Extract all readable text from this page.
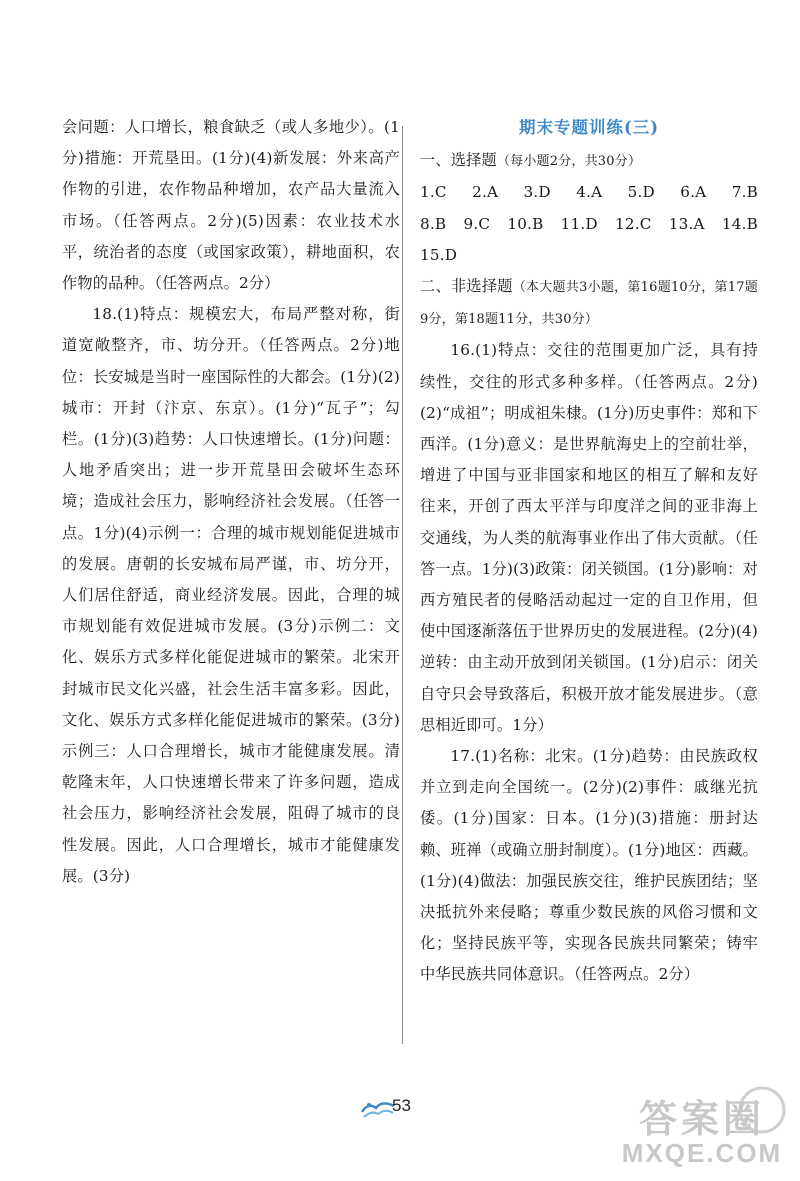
会问题：人口增长，粮食缺乏（或人多地少）。(1分)措施：开荒垦田。(1分)(4)新发展：外来高产作物的引进，农作物品种增加，农产品大量流入市场。（任答两点。2分)(5)因素：农业技术水平，统治者的态度（或国家政策），耕地面积，农作物的品种。（任答两点。2分）

18.(1)特点：规模宏大，布局严整对称，街道宽敞整齐，市、坊分开。（任答两点。2分)地位：长安城是当时一座国际性的大都会。(1分)(2)城市：开封（汴京、东京）。(1分)“瓦子”；勾栏。(1分)(3)趋势：人口快速增长。(1分)问题：人地矛盾突出；进一步开荒垦田会破坏生态环境；造成社会压力，影响经济社会发展。（任答一点。1分)(4)示例一：合理的城市规划能促进城市的发展。唐朝的长安城布局严谨，市、坊分开，人们居住舒适，商业经济发展。因此，合理的城市规划能有效促进城市发展。(3分)示例二：文化、娱乐方式多样化能促进城市的繁荣。北宋开封城市民文化兴盛，社会生活丰富多彩。因此，文化、娱乐方式多样化能促进城市的繁荣。(3分)示例三：人口合理增长，城市才能健康发展。清乾隆末年，人口快速增长带来了许多问题，造成社会压力，影响经济社会发展，阻碍了城市的良性发展。因此，人口合理增长，城市才能健康发展。(3分)

期末专题训练(三)

一、选择题（每小题2分，共30分）

1.C 2.A 3.D 4.A 5.D 6.A 7.B
8.B 9.C 10.B 11.D 12.C 13.A 14.B
15.D

二、非选择题（本大题共3小题，第16题10分，第17题9分，第18题11分，共30分）

16.(1)特点：交往的范围更加广泛，具有持续性，交往的形式多种多样。（任答两点。2分)(2)“成祖”；明成祖朱棣。(1分)历史事件：郑和下西洋。(1分)意义：是世界航海史上的空前壮举，增进了中国与亚非国家和地区的相互了解和友好往来，开创了西太平洋与印度洋之间的亚非海上交通线，为人类的航海事业作出了伟大贡献。（任答一点。1分)(3)政策：闭关锁国。(1分)影响：对西方殖民者的侵略活动起过一定的自卫作用，但使中国逐渐落伍于世界历史的发展进程。(2分)(4)逆转：由主动开放到闭关锁国。(1分)启示：闭关自守只会导致落后，积极开放才能发展进步。（意思相近即可。1分）

17.(1)名称：北宋。(1分)趋势：由民族政权并立到走向全国统一。(2分)(2)事件：戚继光抗倭。(1分)国家：日本。(1分)(3)措施：册封达赖、班禅（或确立册封制度）。(1分)地区：西藏。(1分)(4)做法：加强民族交往，维护民族团结；坚决抵抗外来侵略；尊重少数民族的风俗习惯和文化；坚持民族平等，实现各民族共同繁荣；铸牢中华民族共同体意识。（任答两点。2分）

53	答案圈
MXQE.COM
